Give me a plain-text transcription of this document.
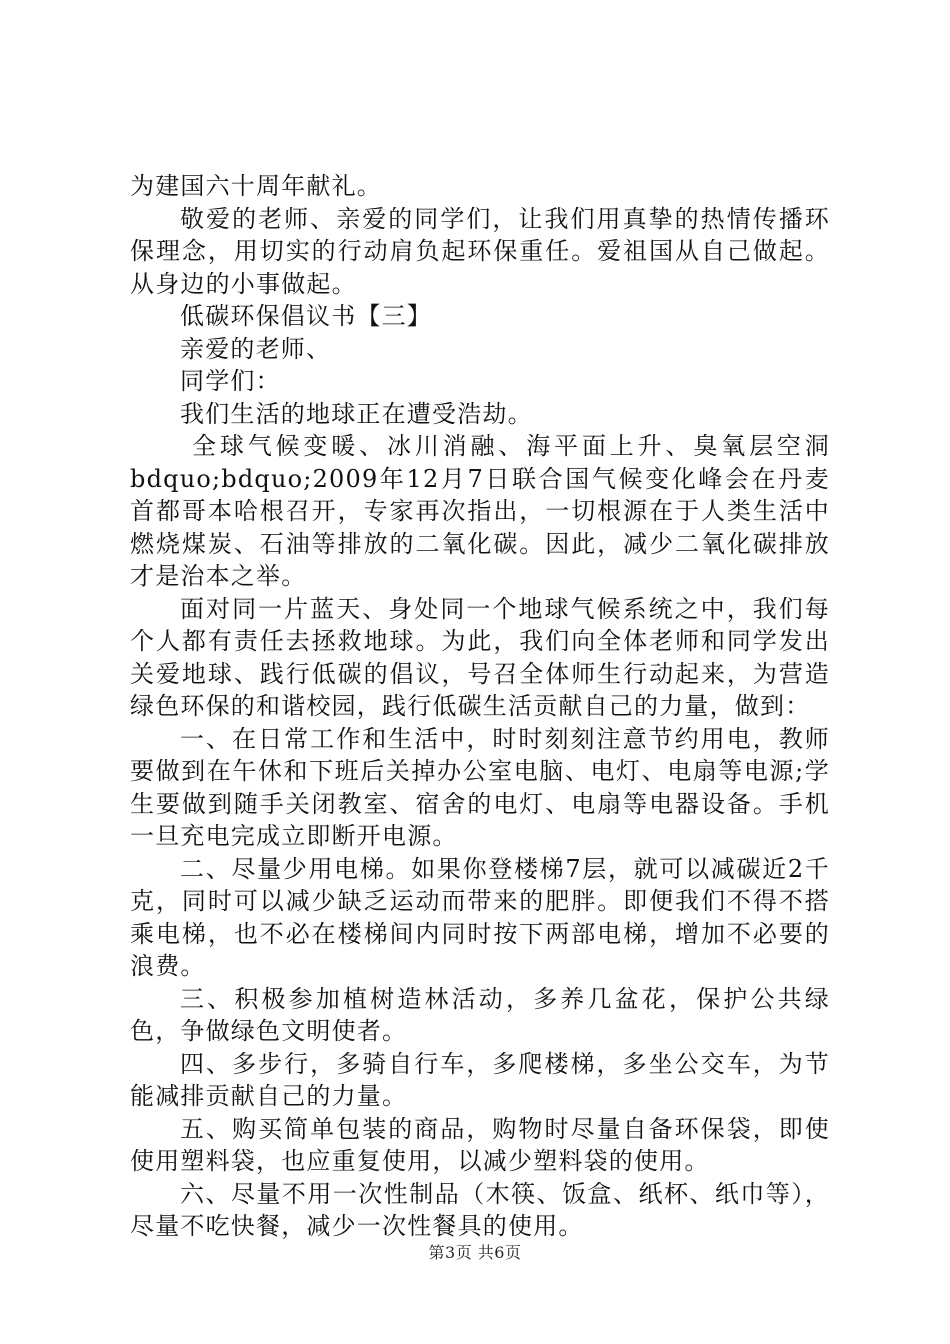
为建国六十周年献礼。

敬爱的老师、亲爱的同学们，让我们用真挚的热情传播环保理念，用切实的行动肩负起环保重任。爱祖国从自己做起。从身边的小事做起。

低碳环保倡议书【三】

亲爱的老师、

同学们：

我们生活的地球正在遭受浩劫。

全球气候变暖、冰川消融、海平面上升、臭氧层空洞bdquo;bdquo;2009年12月7日联合国气候变化峰会在丹麦首都哥本哈根召开，专家再次指出，一切根源在于人类生活中燃烧煤炭、石油等排放的二氧化碳。因此，减少二氧化碳排放才是治本之举。

面对同一片蓝天、身处同一个地球气候系统之中，我们每个人都有责任去拯救地球。为此，我们向全体老师和同学发出关爱地球、践行低碳的倡议，号召全体师生行动起来，为营造绿色环保的和谐校园，践行低碳生活贡献自己的力量，做到：

一、在日常工作和生活中，时时刻刻注意节约用电，教师要做到在午休和下班后关掉办公室电脑、电灯、电扇等电源;学生要做到随手关闭教室、宿舍的电灯、电扇等电器设备。手机一旦充电完成立即断开电源。

二、尽量少用电梯。如果你登楼梯7层，就可以减碳近2千克，同时可以减少缺乏运动而带来的肥胖。即便我们不得不搭乘电梯，也不必在楼梯间内同时按下两部电梯，增加不必要的浪费。

三、积极参加植树造林活动，多养几盆花，保护公共绿色，争做绿色文明使者。

四、多步行，多骑自行车，多爬楼梯，多坐公交车，为节能减排贡献自己的力量。

五、购买简单包装的商品，购物时尽量自备环保袋，即使使用塑料袋，也应重复使用，以减少塑料袋的使用。

六、尽量不用一次性制品（木筷、饭盒、纸杯、纸巾等），尽量不吃快餐，减少一次性餐具的使用。

第3页 共6页
